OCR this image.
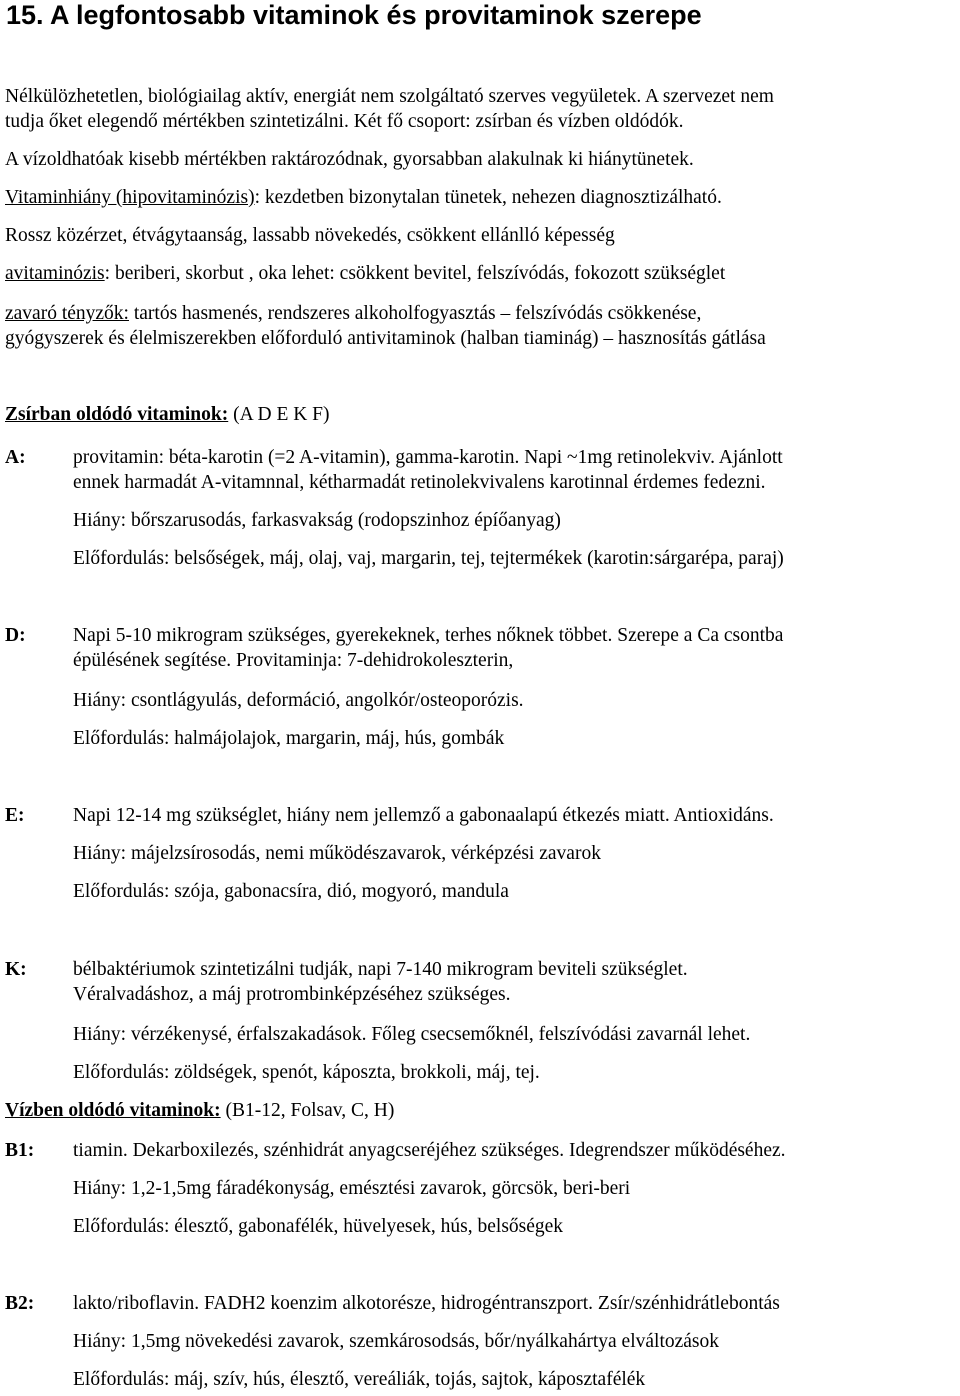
15. A legfontosabb vitaminok és provitaminok szerepe
Nélkülözhetetlen, biológiailag aktív, energiát nem szolgáltató szerves vegyületek. A szervezet nem
tudja őket elegendő mértékben szintetizálni. Két fő csoport: zsírban és vízben oldódók.
A vízoldhatóak kisebb mértékben raktározódnak, gyorsabban alakulnak ki hiánytünetek.
Vitaminhiány (hipovitaminózis): kezdetben bizonytalan tünetek, nehezen diagnosztizálható.
Rossz közérzet, étvágytaanság, lassabb növekedés, csökkent ellánlló képesség
avitaminózis: beriberi, skorbut , oka lehet: csökkent bevitel, felszívódás, fokozott szükséglet
zavaró tényzők: tartós hasmenés, rendszeres alkoholfogyasztás – felszívódás csökkenése,
gyógyszerek és élelmiszerekben előforduló antivitaminok (halban tiaminág) – hasznosítás gátlása
Zsírban oldódó vitaminok: (A D E K F)
A: provitamin: béta-karotin (=2 A-vitamin), gamma-karotin. Napi ~1mg retinolekviv. Ajánlott
ennek harmadát A-vitamnnal, kétharmadát retinolekvivalens karotinnal érdemes fedezni.
Hiány: bőrszarusodás, farkasvakság (rodopszinhoz épíőanyag)
Előfordulás: belsőségek, máj, olaj, vaj, margarin, tej, tejtermékek (karotin:sárgarépa, paraj)
D: Napi 5-10 mikrogram szükséges, gyerekeknek, terhes nőknek többet. Szerepe a Ca csontba
épülésének segítése. Provitaminja: 7-dehidrokoleszterin,
Hiány: csontlágyulás, deformáció, angolkór/osteoporózis.
Előfordulás: halmájolajok, margarin, máj, hús, gombák
E: Napi 12-14 mg szükséglet, hiány nem jellemző a gabonaalapú étkezés miatt. Antioxidáns.
Hiány: májelzsírosodás, nemi működészavarok, vérképzési zavarok
Előfordulás: szója, gabonacsíra, dió, mogyoró, mandula
K: bélbaktériumok szintetizálni tudják, napi 7-140 mikrogram beviteli szükséglet.
Véralvadáshoz, a máj protrombinképzéséhez szükséges.
Hiány: vérzékenysé, érfalszakadások. Főleg csecsemőknél, felszívódási zavarnál lehet.
Előfordulás: zöldségek, spenót, káposzta, brokkoli, máj, tej.
Vízben oldódó vitaminok: (B1-12, Folsav, C, H)
B1: tiamin. Dekarboxilezés, szénhidrát anyagcseréjéhez szükséges. Idegrendszer működéséhez.
Hiány: 1,2-1,5mg fáradékonyság, emésztési zavarok, görcsök, beri-beri
Előfordulás: élesztő, gabonafélék, hüvelyesek, hús, belsőségek
B2: lakto/riboflavin. FADH2 koenzim alkotorésze, hidrogéntranszport. Zsír/szénhidrátlebontás
Hiány: 1,5mg növekedési zavarok, szemkárosodsás, bőr/nyálkahártya elváltozások
Előfordulás: máj, szív, hús, élesztő, vereáliák, tojás, sajtok, káposztafélék
